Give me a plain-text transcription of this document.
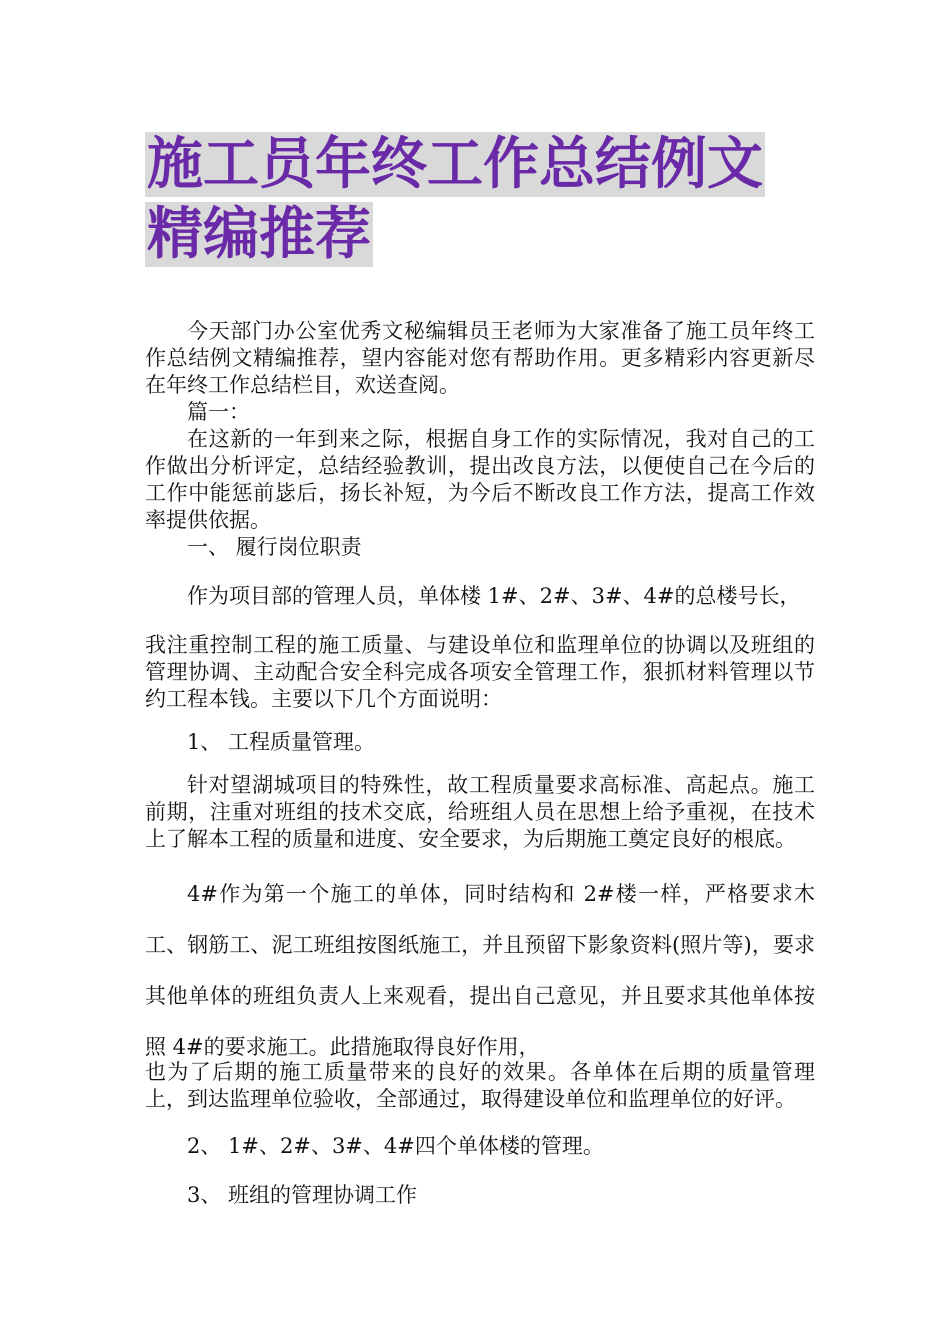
施工员年终工作总结例文精编推荐

今天部门办公室优秀文秘编辑员王老师为大家准备了施工员年终工作总结例文精编推荐，望内容能对您有帮助作用。更多精彩内容更新尽在年终工作总结栏目，欢送查阅。

篇一：

在这新的一年到来之际，根据自身工作的实际情况，我对自己的工作做出分析评定，总结经验教训，提出改良方法，以便使自己在今后的工作中能惩前毖后，扬长补短，为今后不断改良工作方法，提高工作效率提供依据。

一、 履行岗位职责

作为项目部的管理人员，单体楼 1#、2#、3#、4#的总楼号长，

我注重控制工程的施工质量、与建设单位和监理单位的协调以及班组的管理协调、主动配合安全科完成各项安全管理工作，狠抓材料管理以节约工程本钱。主要以下几个方面说明：

1、 工程质量管理。

针对望湖城项目的特殊性，故工程质量要求高标准、高起点。施工前期，注重对班组的技术交底，给班组人员在思想上给予重视，在技术上了解本工程的质量和进度、安全要求，为后期施工奠定良好的根底。

4#作为第一个施工的单体，同时结构和 2#楼一样，严格要求木工、钢筋工、泥工班组按图纸施工，并且预留下影象资料(照片等)，要求其他单体的班组负责人上来观看，提出自己意见，并且要求其他单体按照 4#的要求施工。此措施取得良好作用，

也为了后期的施工质量带来的良好的效果。各单体在后期的质量管理上，到达监理单位验收，全部通过，取得建设单位和监理单位的好评。

2、 1#、2#、3#、4#四个单体楼的管理。

3、 班组的管理协调工作
